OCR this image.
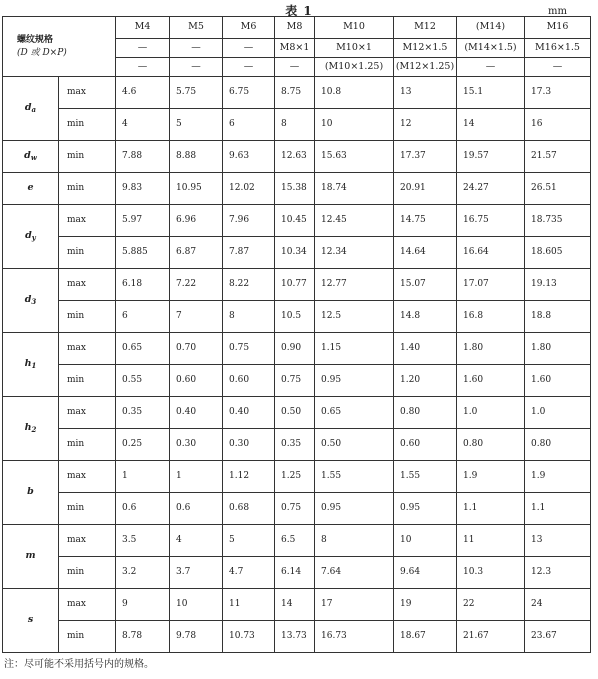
表 1	mm
螺纹规格
(D 或 D×P)		M4	M5	M6	M8	M10	M12	(M14)	M16
		—	—	—	M8×1	M10×1	M12×1.5	(M14×1.5)	M16×1.5
		—	—	—	—	(M10×1.25)	(M12×1.25)	—	—
$d_a$	max	4.6	5.75	6.75	8.75	10.8	13	15.1	17.3
	min	4	5	6	8	10	12	14	16
$d_w$	min	7.88	8.88	9.63	12.63	15.63	17.37	19.57	21.57
e	min	9.83	10.95	12.02	15.38	18.74	20.91	24.27	26.51
$d_y$	max	5.97	6.96	7.96	10.45	12.45	14.75	16.75	18.735
	min	5.885	6.87	7.87	10.34	12.34	14.64	16.64	18.605
$d_3$	max	6.18	7.22	8.22	10.77	12.77	15.07	17.07	19.13
	min	6	7	8	10.5	12.5	14.8	16.8	18.8
$h_1$	max	0.65	0.70	0.75	0.90	1.15	1.40	1.80	1.80
	min	0.55	0.60	0.60	0.75	0.95	1.20	1.60	1.60
$h_2$	max	0.35	0.40	0.40	0.50	0.65	0.80	1.0	1.0
	min	0.25	0.30	0.30	0.35	0.50	0.60	0.80	0.80
b	max	1	1	1.12	1.25	1.55	1.55	1.9	1.9
	min	0.6	0.6	0.68	0.75	0.95	0.95	1.1	1.1
m	max	3.5	4	5	6.5	8	10	11	13
	min	3.2	3.7	4.7	6.14	7.64	9.64	10.3	12.3
s	max	9	10	11	14	17	19	22	24
	min	8.78	9.78	10.73	13.73	16.73	18.67	21.67	23.67
注：尽可能不采用括号内的规格。
